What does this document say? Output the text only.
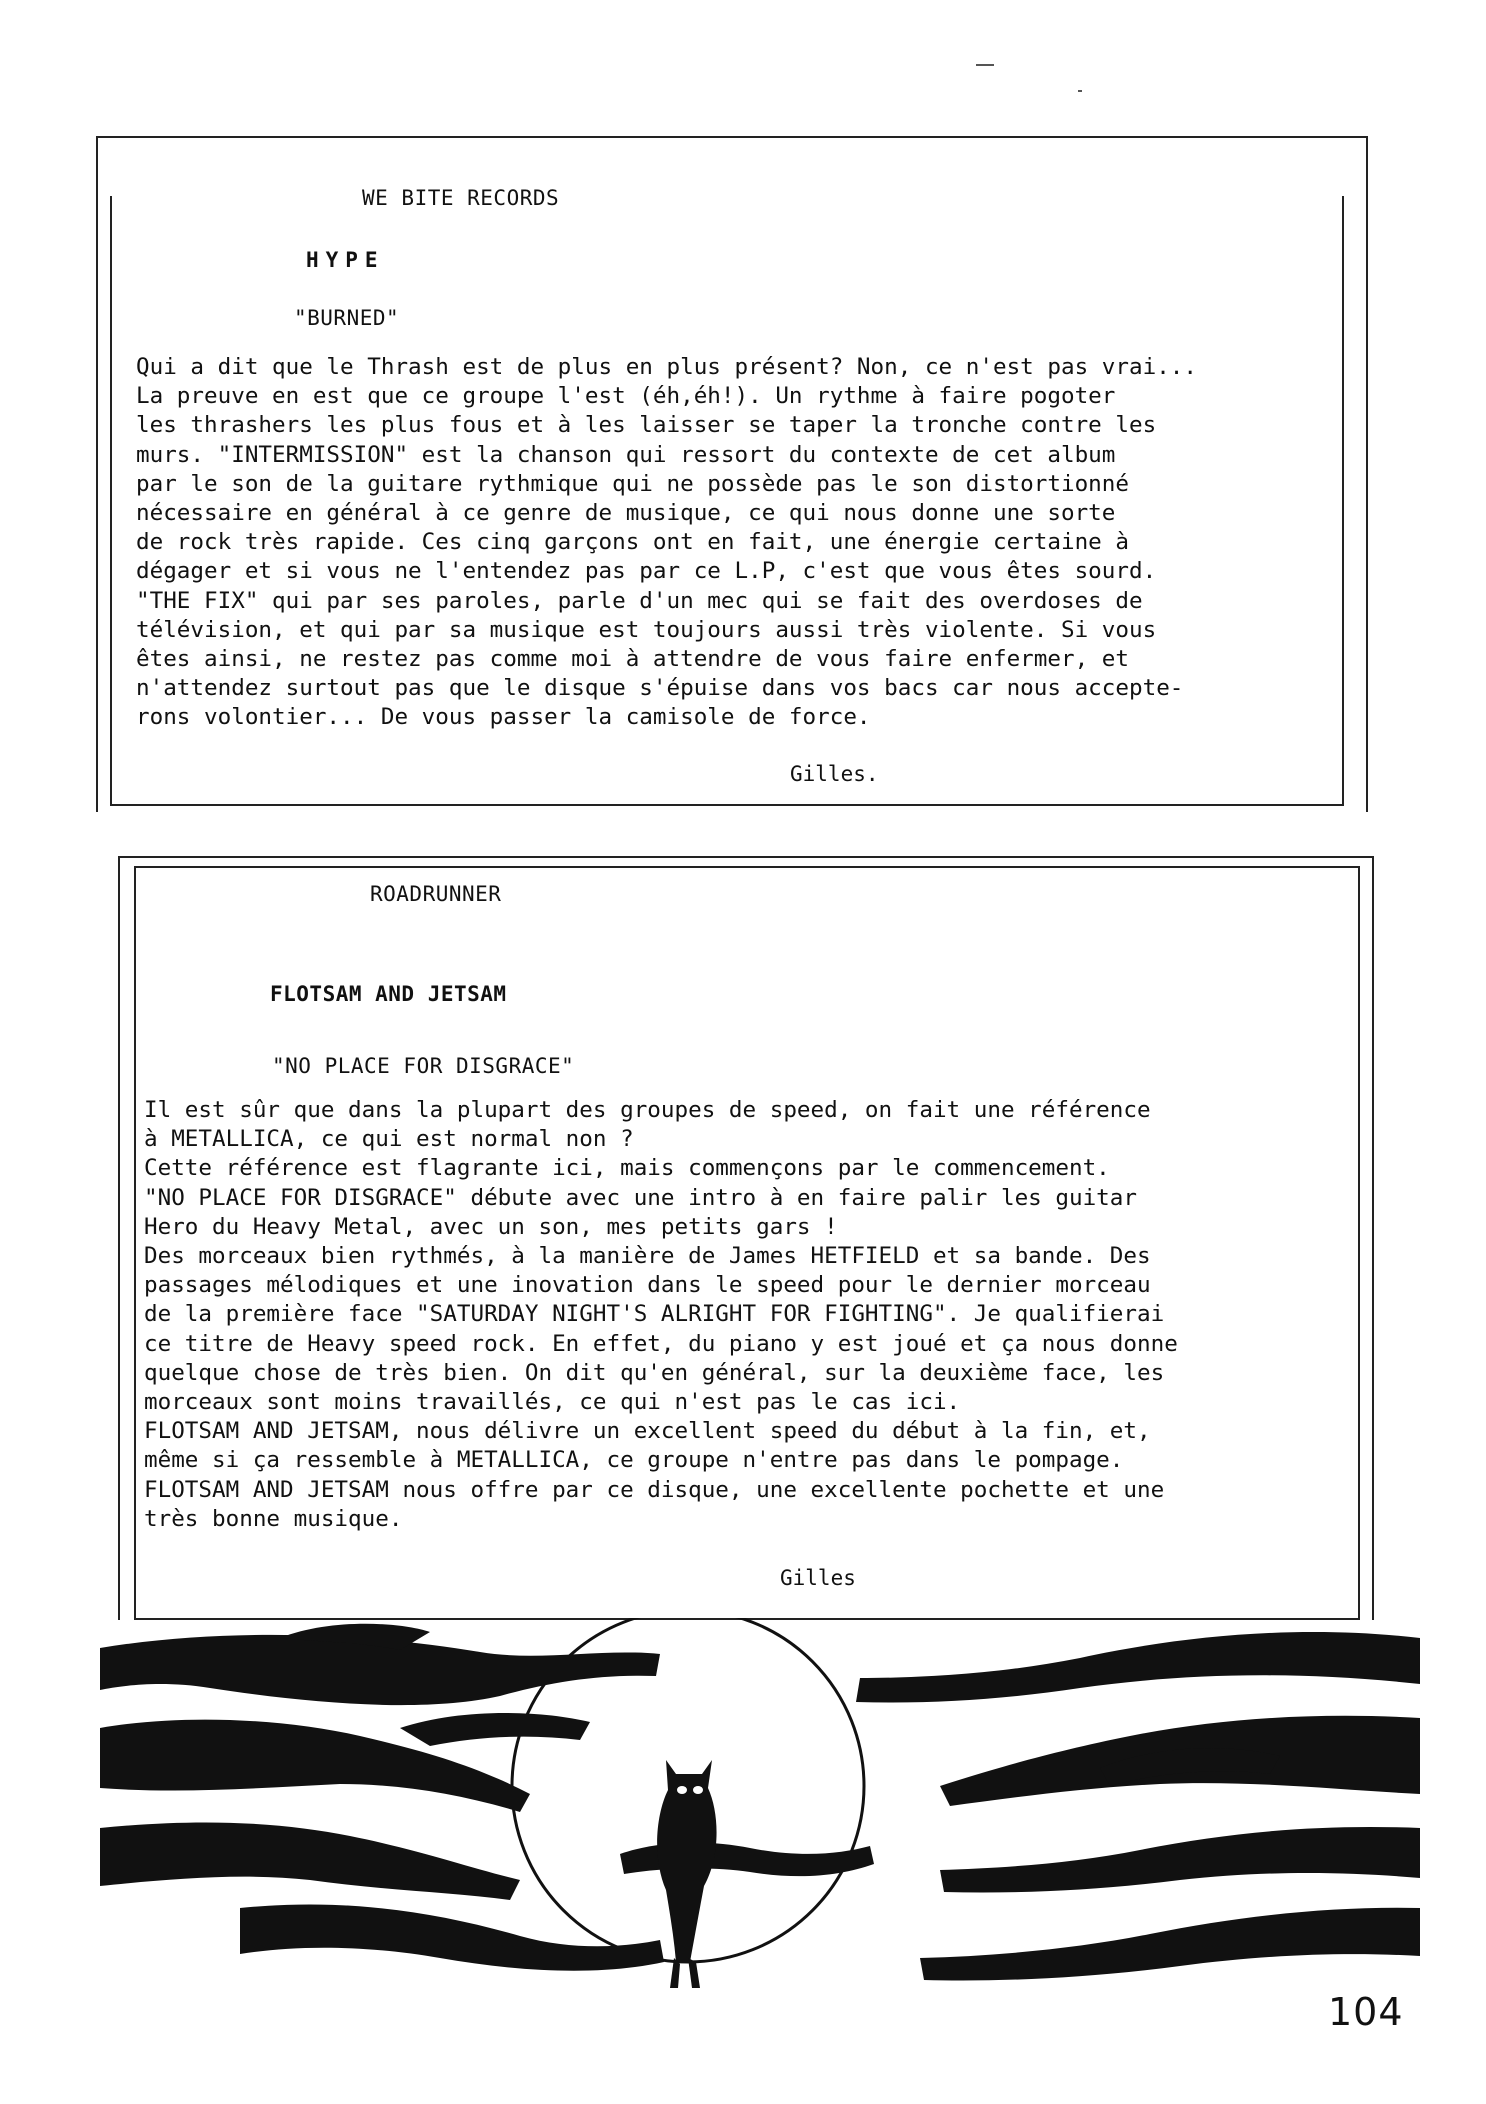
WE BITE RECORDS
HYPE
"BURNED"

Qui a dit que le Thrash est de plus en plus présent? Non, ce n'est pas vrai...

La preuve en est que ce groupe l'est (éh,éh!). Un rythme à faire pogoter

les thrashers les plus fous et à les laisser se taper la tronche contre les

murs. "INTERMISSION" est la chanson qui ressort du contexte de cet album

par le son de la guitare rythmique qui ne possède pas le son distortionné

nécessaire en général à ce genre de musique, ce qui nous donne une sorte

de rock très rapide. Ces cinq garçons ont en fait, une énergie certaine à

dégager et si vous ne l'entendez pas par ce L.P, c'est que vous êtes sourd.

"THE FIX" qui par ses paroles, parle d'un mec qui se fait des overdoses de

télévision, et qui par sa musique est toujours aussi très violente. Si vous

êtes ainsi, ne restez pas comme moi à attendre de vous faire enfermer, et

n'attendez surtout pas que le disque s'épuise dans vos bacs car nous accepte-

rons volontier... De vous passer la camisole de force.

Gilles.
ROADRUNNER
FLOTSAM AND JETSAM
"NO PLACE FOR DISGRACE"

Il est sûr que dans la plupart des groupes de speed, on fait une référence

à METALLICA, ce qui est normal non ?

Cette référence est flagrante ici, mais commençons par le commencement.

"NO PLACE FOR DISGRACE" débute avec une intro à en faire palir les guitar

Hero du Heavy Metal, avec un son, mes petits gars !

Des morceaux bien rythmés, à la manière de James HETFIELD et sa bande. Des

passages mélodiques et une inovation dans le speed pour le dernier morceau

de la première face "SATURDAY NIGHT'S ALRIGHT FOR FIGHTING". Je qualifierai

ce titre de Heavy speed rock. En effet, du piano y est joué et ça nous donne

quelque chose de très bien. On dit qu'en général, sur la deuxième face, les

morceaux sont moins travaillés, ce qui n'est pas le cas ici.

FLOTSAM AND JETSAM, nous délivre un excellent speed du début à la fin, et,

même si ça ressemble à METALLICA, ce groupe n'entre pas dans le pompage.

FLOTSAM AND JETSAM nous offre par ce disque, une excellente pochette et une

très bonne musique.

Gilles
104
